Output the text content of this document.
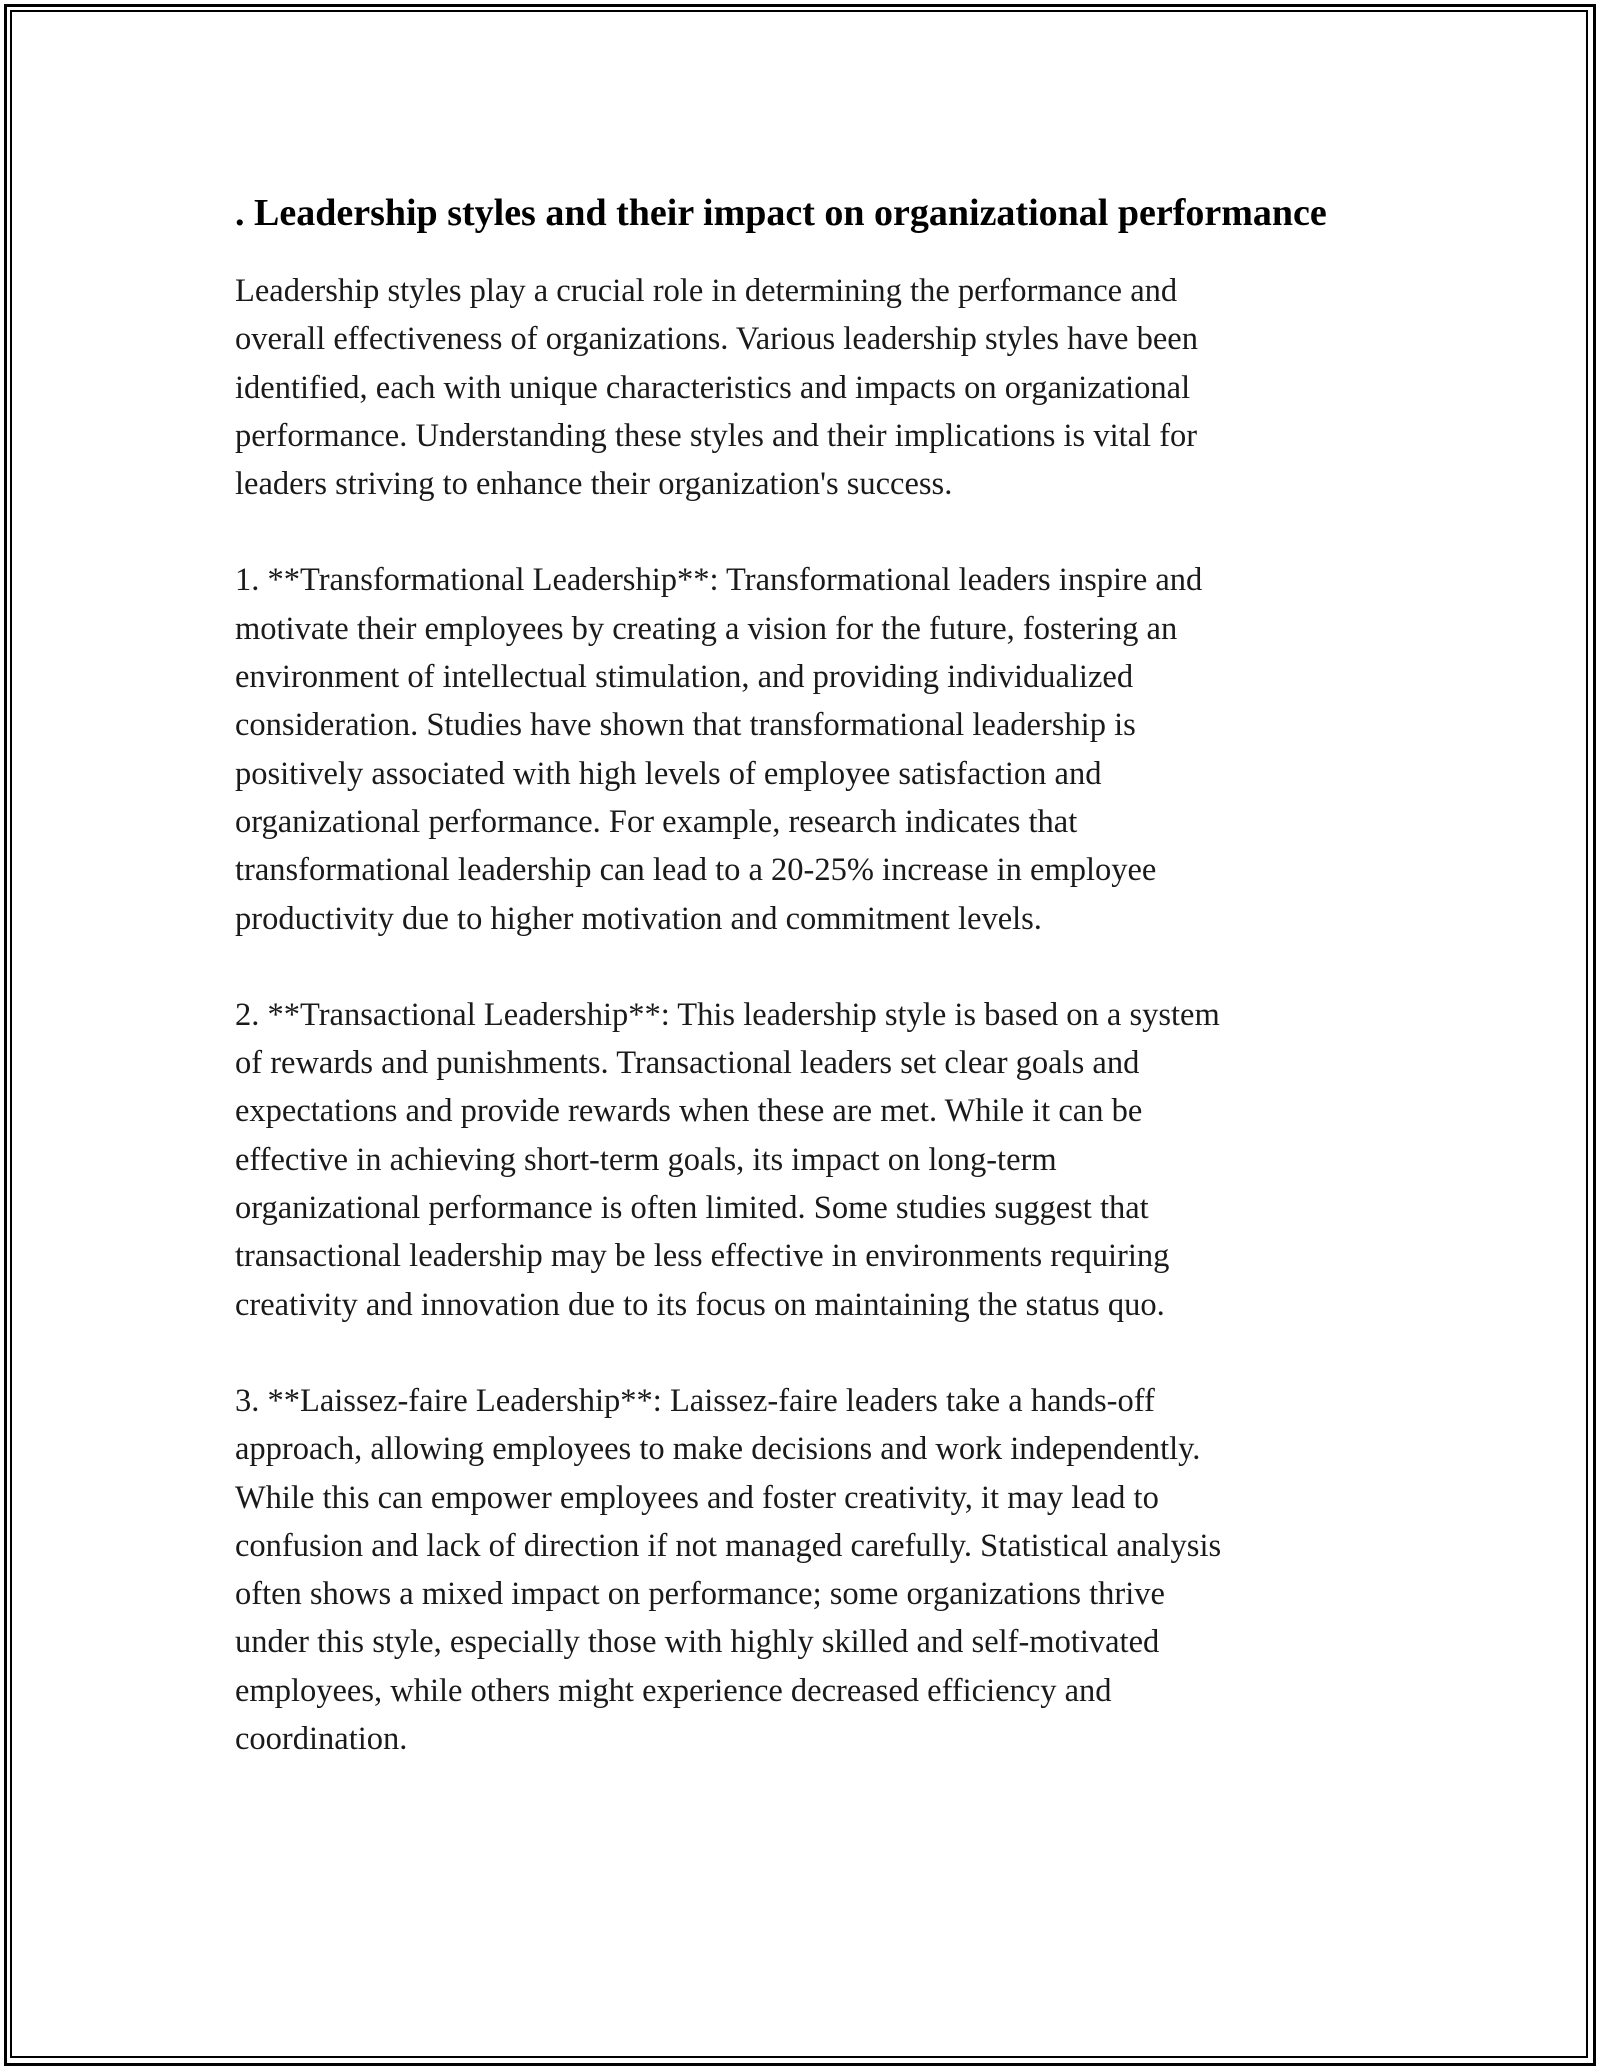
. Leadership styles and their impact on organizational performance

Leadership styles play a crucial role in determining the performance and
overall effectiveness of organizations. Various leadership styles have been
identified, each with unique characteristics and impacts on organizational
performance. Understanding these styles and their implications is vital for
leaders striving to enhance their organization's success.

1. **Transformational Leadership**: Transformational leaders inspire and
motivate their employees by creating a vision for the future, fostering an
environment of intellectual stimulation, and providing individualized
consideration. Studies have shown that transformational leadership is
positively associated with high levels of employee satisfaction and
organizational performance. For example, research indicates that
transformational leadership can lead to a 20-25% increase in employee
productivity due to higher motivation and commitment levels.

2. **Transactional Leadership**: This leadership style is based on a system
of rewards and punishments. Transactional leaders set clear goals and
expectations and provide rewards when these are met. While it can be
effective in achieving short-term goals, its impact on long-term
organizational performance is often limited. Some studies suggest that
transactional leadership may be less effective in environments requiring
creativity and innovation due to its focus on maintaining the status quo.

3. **Laissez-faire Leadership**: Laissez-faire leaders take a hands-off
approach, allowing employees to make decisions and work independently.
While this can empower employees and foster creativity, it may lead to
confusion and lack of direction if not managed carefully. Statistical analysis
often shows a mixed impact on performance; some organizations thrive
under this style, especially those with highly skilled and self-motivated
employees, while others might experience decreased efficiency and
coordination.
